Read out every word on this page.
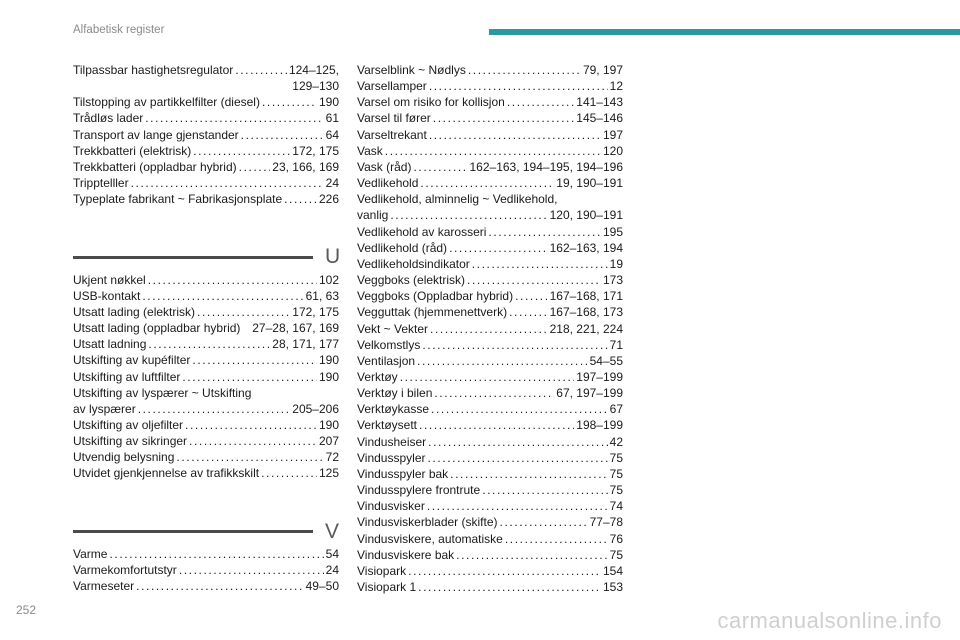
Alfabetisk register
Tilpassbar hastighetsregulator .....	124–125,
129–130
Tilstopping av partikkelfilter (diesel) .....	190
Trådløs lader .....	61
Transport av lange gjenstander .....	64
Trekkbatteri (elektrisk) .....	172, 175
Trekkbatteri (oppladbar hybrid) .....	23, 166, 169
Tripptelller .....	24
Typeplate fabrikant ~ Fabrikasjonsplate .....	226
U
Ukjent nøkkel .....	102
USB-kontakt .....	61, 63
Utsatt lading (elektrisk) .....	172, 175
Utsatt lading (oppladbar hybrid) 27–28, 167, 169
Utsatt ladning .....	28, 171, 177
Utskifting av kupéfilter .....	190
Utskifting av luftfilter .....	190
Utskifting av lyspærer ~ Utskifting
av lyspærer .....	205–206
Utskifting av oljefilter .....	190
Utskifting av sikringer .....	207
Utvendig belysning .....	72
Utvidet gjenkjennelse av trafikkskilt .....	125
V
Varme .....	54
Varmekomfortutstyr .....	24
Varmeseter .....	49–50
Varselblink ~ Nødlys .....	79, 197
Varsellamper .....	12
Varsel om risiko for kollisjon .....	141–143
Varsel til fører .....	145–146
Varseltrekant .....	197
Vask .....	120
Vask (råd) .....	162–163, 194–195, 194–196
Vedlikehold .....	19, 190–191
Vedlikehold, alminnelig ~ Vedlikehold,
vanlig .....	120, 190–191
Vedlikehold av karosseri .....	195
Vedlikehold (råd) .....	162–163, 194
Vedlikeholdsindikator .....	19
Veggboks (elektrisk) .....	173
Veggboks (Oppladbar hybrid) .....	167–168, 171
Vegguttak (hjemmenettverk) .....	167–168, 173
Vekt ~ Vekter .....	218, 221, 224
Velkomstlys .....	71
Ventilasjon .....	54–55
Verktøy .....	197–199
Verktøy i bilen .....	67, 197–199
Verktøykasse .....	67
Verktøysett .....	198–199
Vindusheiser .....	42
Vindusspyler .....	75
Vindusspyler bak .....	75
Vindusspylere frontrute .....	75
Vindusvisker .....	74
Vindusviskerblader (skifte) .....	77–78
Vindusviskere, automatiske .....	76
Vindusviskere bak .....	75
Visiopark .....	154
Visiopark 1 .....	153
252	carmanualsonline.info
